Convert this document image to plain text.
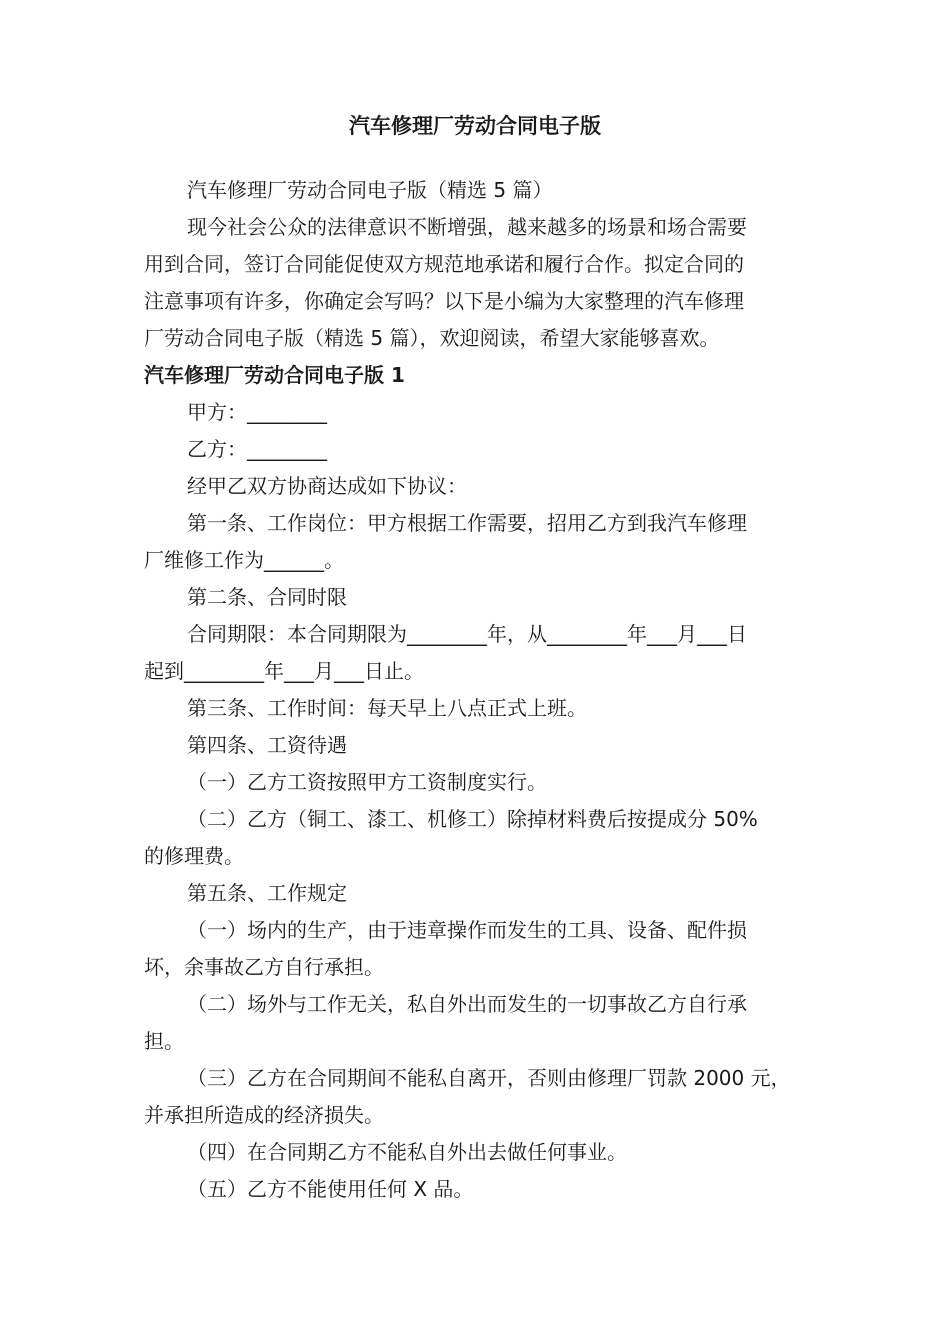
汽车修理厂劳动合同电子版

汽车修理厂劳动合同电子版（精选 5 篇）

现今社会公众的法律意识不断增强，越来越多的场景和场合需要

用到合同，签订合同能促使双方规范地承诺和履行合作。拟定合同的

注意事项有许多，你确定会写吗？以下是小编为大家整理的汽车修理

厂劳动合同电子版（精选 5 篇），欢迎阅读，希望大家能够喜欢。

汽车修理厂劳动合同电子版 1

甲方：________

乙方：________

经甲乙双方协商达成如下协议：

第一条、工作岗位：甲方根据工作需要，招用乙方到我汽车修理

厂维修工作为______。

第二条、合同时限

合同期限：本合同期限为________年，从________年___月___日

起到________年___月___日止。

第三条、工作时间：每天早上八点正式上班。

第四条、工资待遇

（一）乙方工资按照甲方工资制度实行。

（二）乙方（铜工、漆工、机修工）除掉材料费后按提成分 50%

的修理费。

第五条、工作规定

（一）场内的生产，由于违章操作而发生的工具、设备、配件损

坏，余事故乙方自行承担。

（二）场外与工作无关，私自外出而发生的一切事故乙方自行承

担。

（三）乙方在合同期间不能私自离开，否则由修理厂罚款 2000 元，

并承担所造成的经济损失。

（四）在合同期乙方不能私自外出去做任何事业。

（五）乙方不能使用任何 X 品。
